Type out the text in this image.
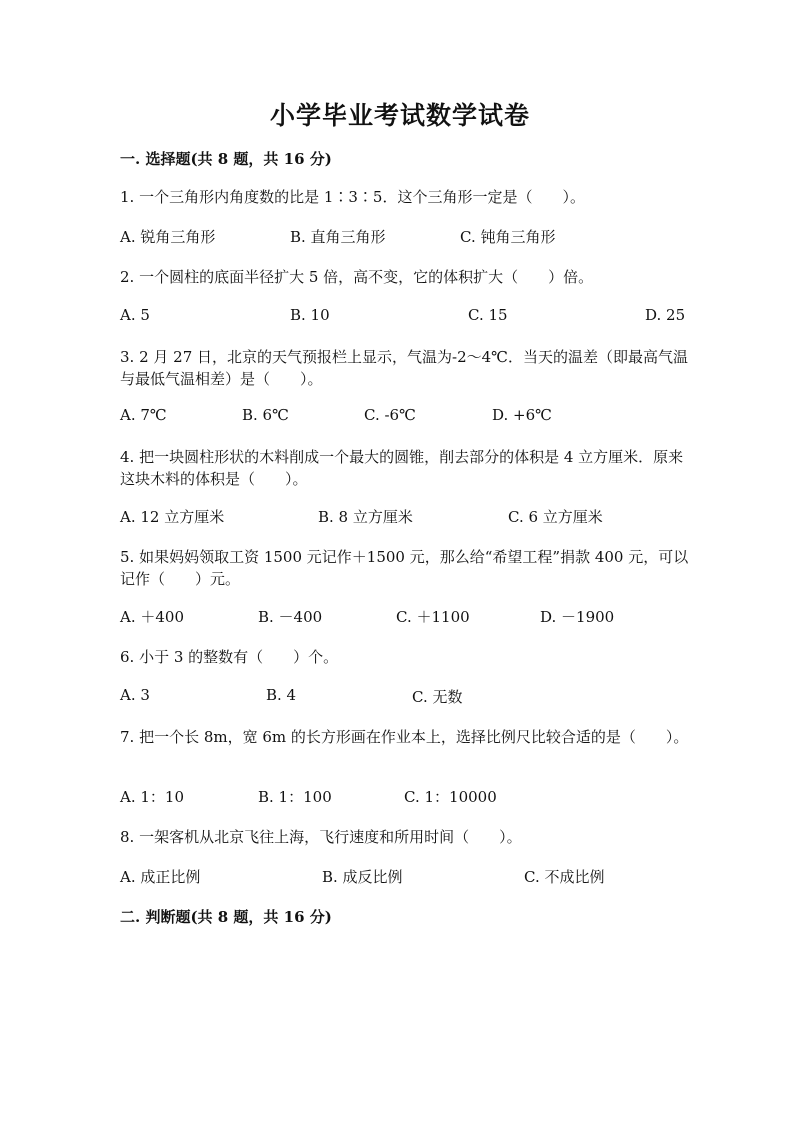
小学毕业考试数学试卷
一. 选择题(共 8 题，共 16 分)
1. 一个三角形内角度数的比是 1∶3∶5．这个三角形一定是（　　）。
A. 锐角三角形	B. 直角三角形	C. 钝角三角形
2. 一个圆柱的底面半径扩大 5 倍，高不变，它的体积扩大（　　）倍。
A. 5	B. 10	C. 15	D. 25
3. 2 月 27 日，北京的天气预报栏上显示，气温为-2～4℃．当天的温差（即最高气温与最低气温相差）是（　　）。
A. 7℃	B. 6℃	C. -6℃	D. +6℃
4. 把一块圆柱形状的木料削成一个最大的圆锥，削去部分的体积是 4 立方厘米．原来这块木料的体积是（　　）。
A. 12 立方厘米	B. 8 立方厘米	C. 6 立方厘米
5. 如果妈妈领取工资 1500 元记作＋1500 元，那么给“希望工程”捐款 400 元，可以记作（　　）元。
A. ＋400	B. －400	C. ＋1100	D. －1900
6. 小于 3 的整数有（　　）个。
A. 3	B. 4	C. 无数
7. 把一个长 8m，宽 6m 的长方形画在作业本上，选择比例尺比较合适的是（　　）。
A. 1：10	B. 1：100	C. 1：10000
8. 一架客机从北京飞往上海，飞行速度和所用时间（　　）。
A. 成正比例	B. 成反比例	C. 不成比例
二. 判断题(共 8 题，共 16 分)
